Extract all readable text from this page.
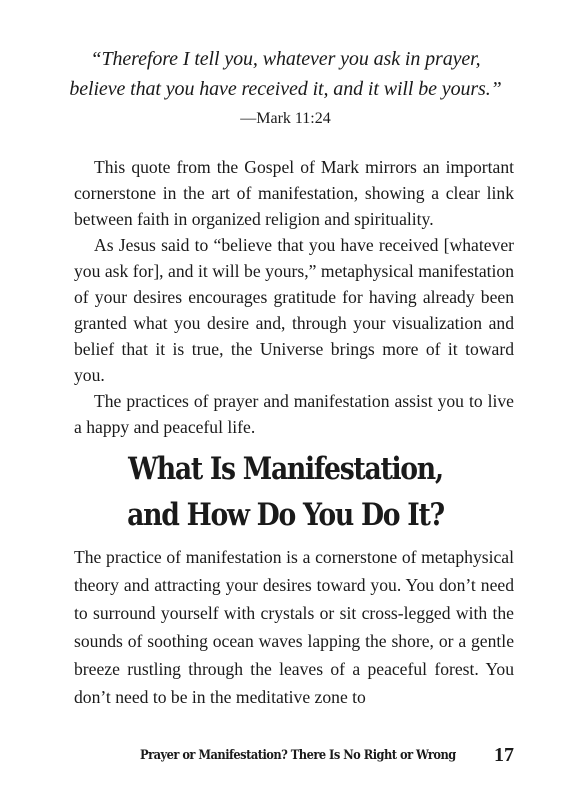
“Therefore I tell you, whatever you ask in prayer,
believe that you have received it, and it will be yours.”
—Mark 11:24

This quote from the Gospel of Mark mirrors an important cornerstone in the art of manifestation, showing a clear link between faith in organized religion and spirituality.

As Jesus said to “believe that you have received [whatever you ask for], and it will be yours,” metaphysical manifestation of your desires encourages gratitude for having already been granted what you desire and, through your visualization and belief that it is true, the Universe brings more of it toward you.

The practices of prayer and manifestation assist you to live a happy and peaceful life.

What Is Manifestation,
and How Do You Do It?

The practice of manifestation is a cornerstone of metaphysical theory and attracting your desires toward you. You don’t need to surround yourself with crystals or sit cross-legged with the sounds of soothing ocean waves lapping the shore, or a gentle breeze rustling through the leaves of a peaceful forest. You don’t need to be in the meditative zone to

Prayer or Manifestation? There Is No Right or Wrong 17
